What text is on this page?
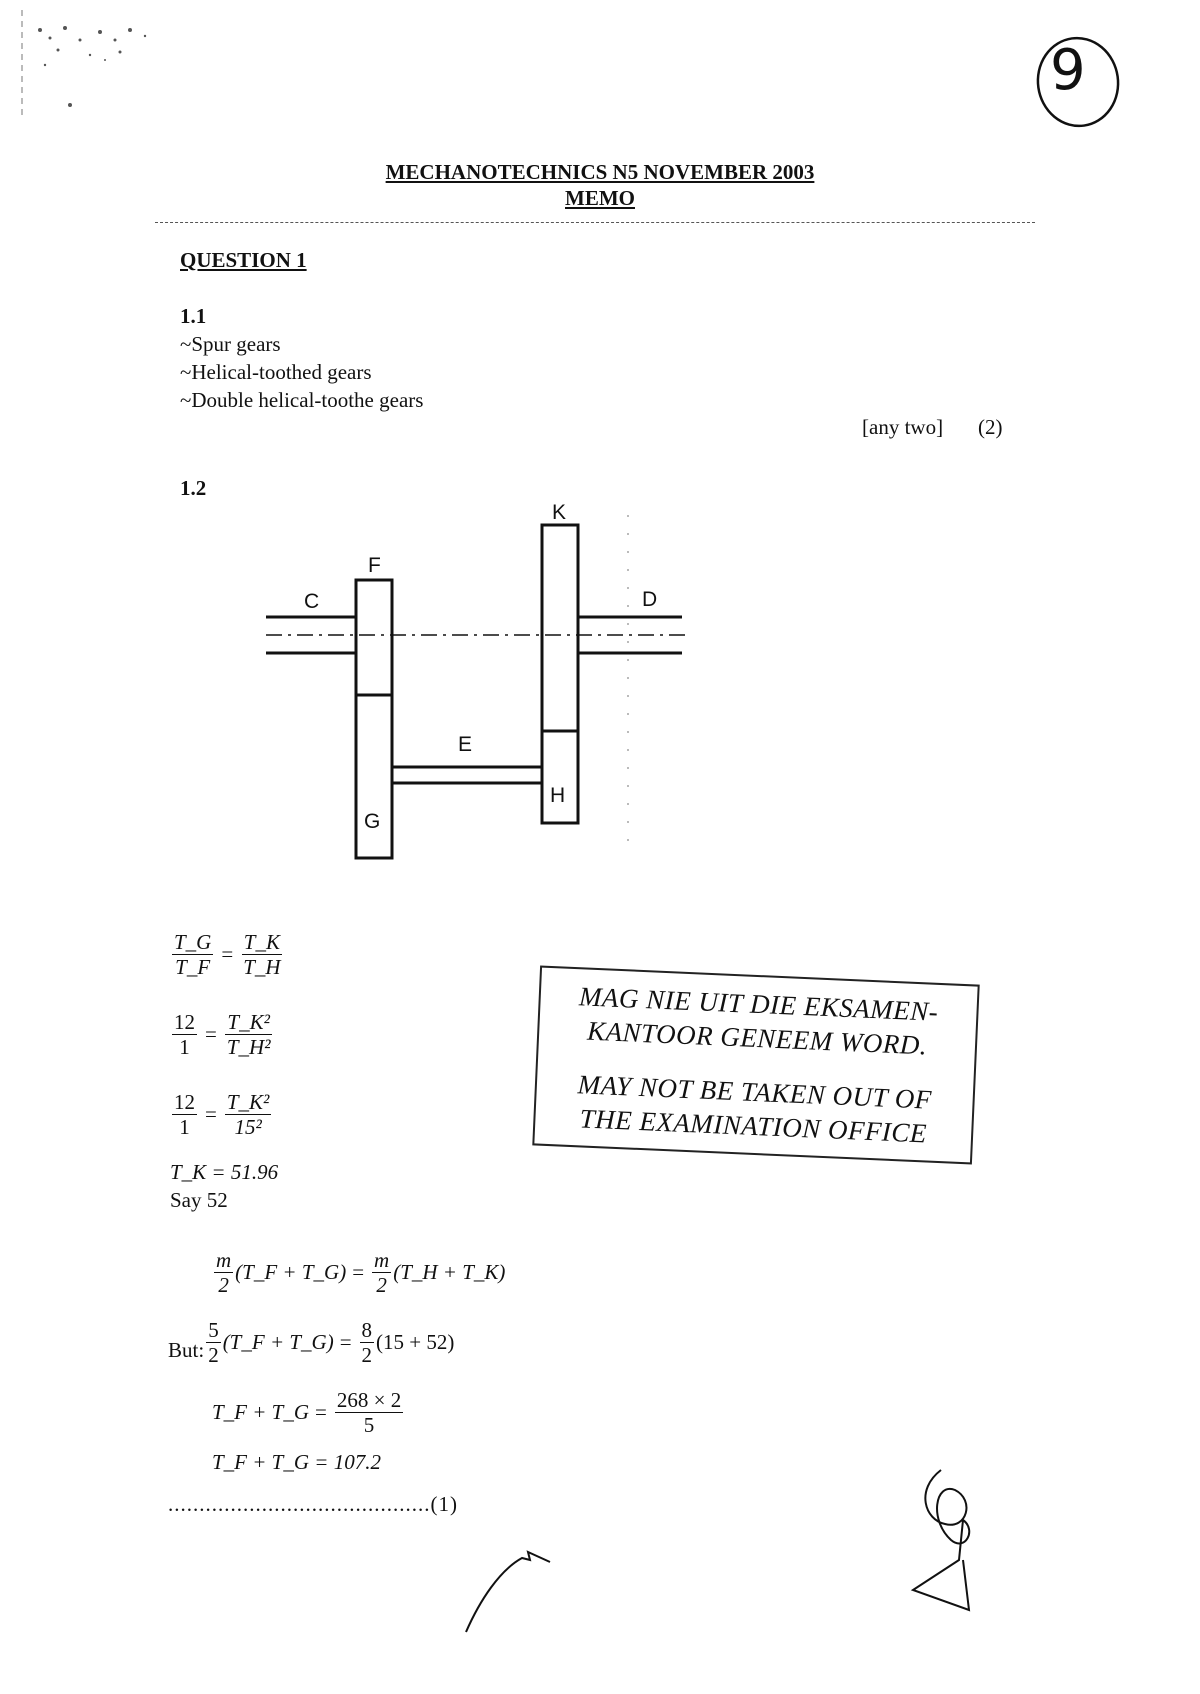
9
MECHANOTECHNICS N5 NOVEMBER 2003
MEMO
QUESTION 1
1.1
~Spur gears
~Helical-toothed gears
~Double helical-toothe gears
[any two] (2)
1.2
C
F
K
D
E
H
G
$\frac{T\_G}{T\_F} = \frac{T\_K}{T\_H}$
$\frac{12}{1} = \frac{\text{T\_K²}}{\text{T\_H²}}$
$\frac{12}{1} = \frac{\text{T\_K²}}{\text{15²}}$
T_K = 51.96
Say 52
$\frac{m}{2}$ (T_F + T_G) = $\frac{m}{2}$ (T_H + T_K)
But: $\frac{5}{2}$ (T_F + T_G) = $\frac{8}{2} (15 + 52)$
T_F + T_G = $\frac{268 \times 2}{5}$
T_F + T_G = 107.2
..........................................(1)
MAG NIE UIT DIE EKSAMEN-
KANTOOR GENEEM WORD.
MAY NOT BE TAKEN OUT OF
THE EXAMINATION OFFICE
